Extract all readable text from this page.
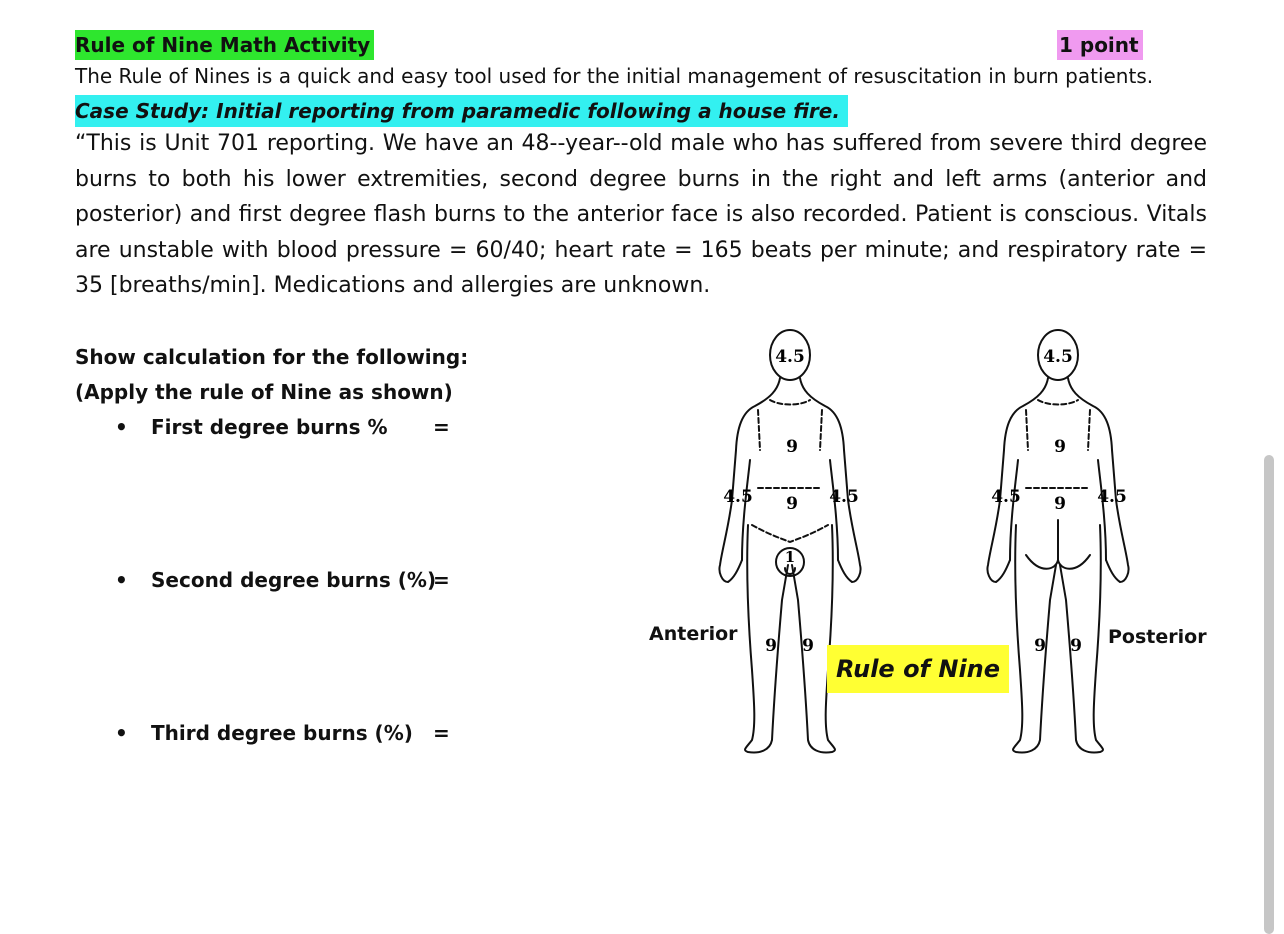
Rule of Nine Math Activity	1 point
The Rule of Nines is a quick and easy tool used for the initial management of resuscitation in burn patients.
Case Study: Initial reporting from paramedic following a house fire.

“This is Unit 701 reporting. We have an 48--year--old male who has suffered from severe third degree burns to both his lower extremities, second degree burns in the right and left arms (anterior and posterior) and first degree flash burns to the anterior face is also recorded. Patient is conscious. Vitals are unstable with blood pressure = 60/40; heart rate = 165 beats per minute; and respiratory rate = 35 [breaths/min]. Medications and allergies are unknown.

Show calculation for the following:
(Apply the rule of Nine as shown)
• First degree burns % =
• Second degree burns (%)
=
• Third degree burns (%) =
4.5
9
9
4.5	4.5
1
9 9
4.5
9
9
4.5	4.5
9 9
Anterior	Posterior
Rule of Nine
